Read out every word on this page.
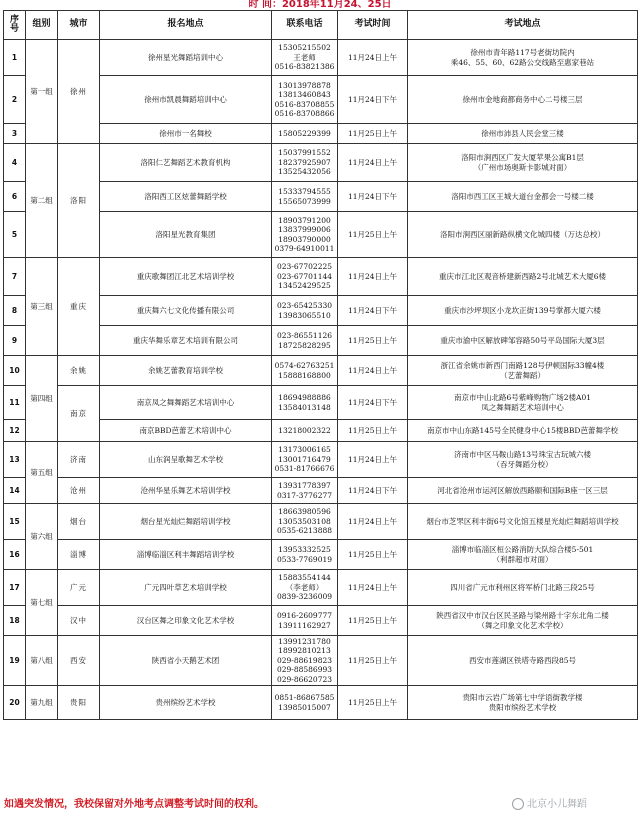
时 间：2018年11月24、25日
序号	组别	城市	报名地点	联系电话	考试时间	考试地点
1	第一组	徐州	徐州星光舞蹈培训中心	15305215502
王老师
0516-83821386	11月24日上午	徐州市青年路117号老街坊院内
乘46、55、60、62路公交线路至惠家巷站

2			徐州市凯晨舞蹈培训中心	13013978878
13813460843
0516-83708855
0516-83708866	11月24日下午	徐州市金地商都商务中心二号楼三层

3			徐州市一名舞校	15805229399	11月25日上午	徐州市沛县人民会堂三楼

4	第二组	洛阳	洛阳仁艺舞蹈艺术教育机构	15037991552
18237925907
13525432056	11月24日上午	洛阳市涧西区广发大厦苹果公寓B1层
（广州市场奥斯卡影城对面）

6			洛阳西工区炫蕾舞蹈学校	15333794555
15565073999	11月24日下午	洛阳市西工区王城大道台金都会一号楼二楼

5			洛阳星光教育集团	18903791200
13837999006
18903790000
0379-64910011	11月25日上午	洛阳市涧西区丽新路纵横文化城四楼（万达总校）

7	第三组	重庆	重庆歌舞团江北艺术培训学校	023-67702225
023-67701144
13452429525	11月24日上午	重庆市江北区观音桥建新西路2号北城艺术大厦6楼

8			重庆舞六七文化传播有限公司	023-65425330
13983065510	11月24日下午	重庆市沙坪坝区小龙坎正街139号掌都大厦六楼

9			重庆华舞乐章艺术培训有限公司	023-86551126
18725828295	11月25日上午	重庆市渝中区解放碑邹容路50号平岛国际大厦3层

10	第四组	余姚	余姚艺蕾教育培训学校	0574-62763251
15888168800	11月24日上午	浙江省余姚市新西门南路128号伊顿国际33幢4楼
（艺蕾舞蹈）

11		南京	南京凤之舞舞蹈艺术培训中心	18694988886
13584013148	11月24日下午	南京市中山北路6号紫峰购物广场2楼A01
凤之舞舞蹈艺术培训中心

12			南京BBD芭蕾艺术培训中心	13218002322	11月25日上午	南京市中山东路145号全民健身中心15楼BBD芭蕾舞学校

13	第五组	济南	山东润呈歌舞艺术学校	13173006165
13001716479
0531-81766676	11月24日上午	济南市中区马鞍山路13号珠宝古玩城六楼
（吞牙舞蹈分校）

14		沧州	沧州华星乐舞艺术培训学校	13931778397
0317-3776277	11月24日下午	河北省沧州市运河区解放西路颐和国际B座一区三层

15	第六组	烟台	烟台星光灿烂舞蹈培训学校	18663980596
13053503108
0535-6213888	11月24日上午	烟台市芝罘区利丰街6号文化馆五楼星光灿烂舞蹈培训学校

16		淄博	淄博临淄区利丰舞蹈培训学校	13953332525
0533-7769019	11月25日上午	淄博市临淄区桓公路消防大队综合楼5-501
（利群超市对面）

17	第七组	广元	广元四叶草艺术培训学校	15883554144
（李老师）
0839-3236009	11月24日上午	四川省广元市利州区将军桥门北路三段25号

18		汉中	汉台区舞之印象文化艺术学校	0916-2609777
13911162927	11月25日上午	陕西省汉中市汉台区民圣路与梁州路十字东北角二楼
（舞之印象文化艺术学校）

19	第八组	西安	陕西省小天鹅艺术团	13991231780
18992810213
029-88619823
029-88586993
029-86620723	11月25日上午	西安市莲湖区铁塔寺路西段85号

20	第九组	贵阳	贵州缤纷艺术学校	0851-86867585
13985015007	11月25日上午	贵阳市云岩广场第七中学语街教学楼
贵阳市缤纷艺术学校
如遇突发情况，我校保留对外地考点调整考试时间的权利。	北京小儿舞蹈
